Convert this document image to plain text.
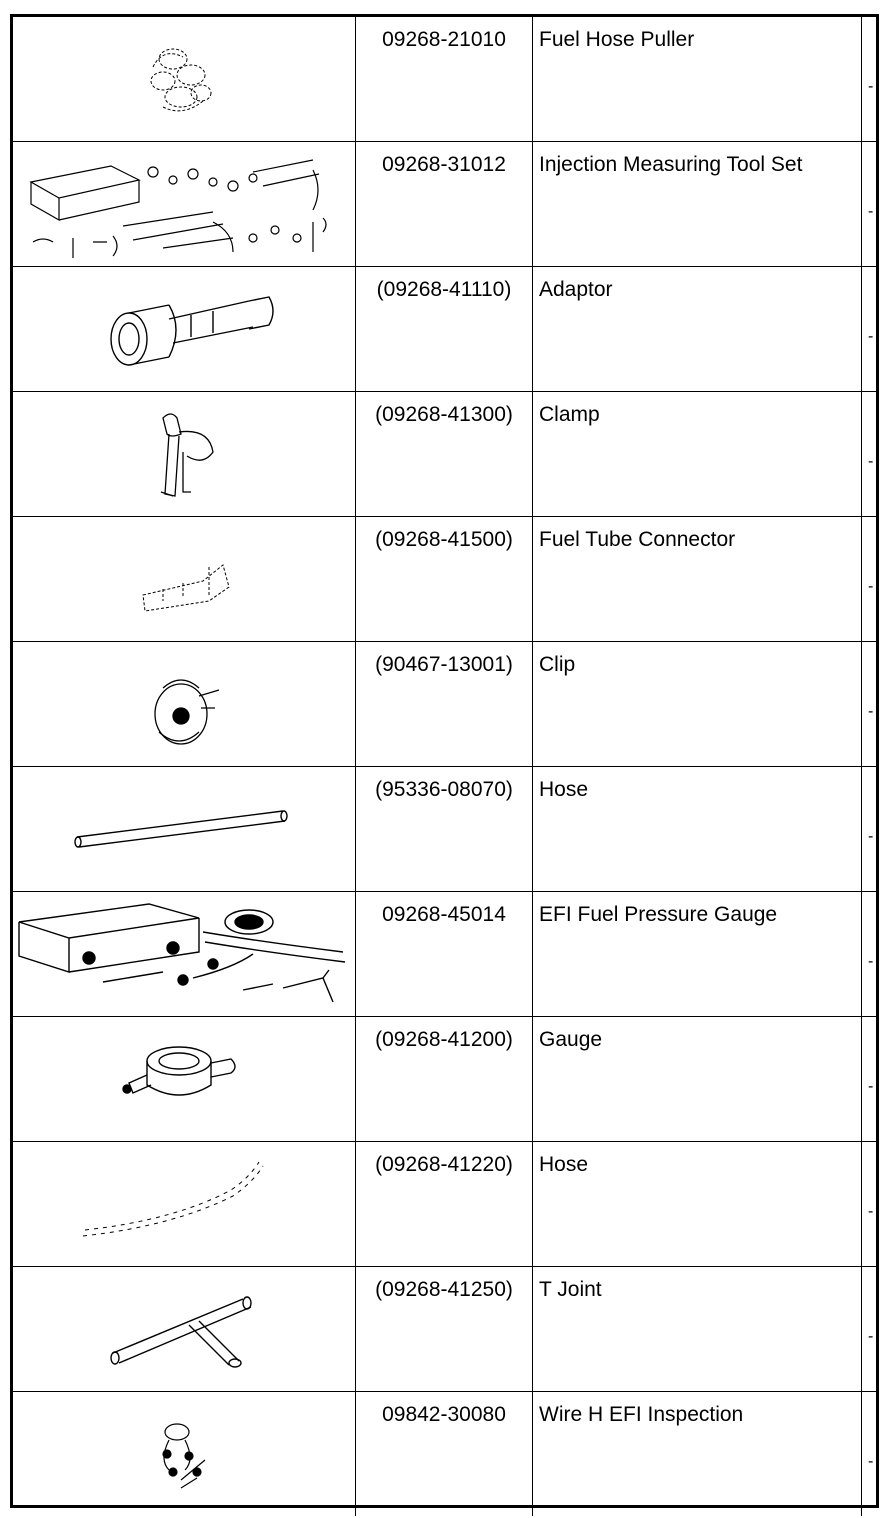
09268-21010	Fuel Hose Puller	-

09268-31012	Injection Measuring Tool Set	-

(09268-41110)	Adaptor	-

(09268-41300)	Clamp	-

(09268-41500)	Fuel Tube Connector	-

(90467-13001)	Clip	-

(95336-08070)	Hose	-

09268-45014	EFI Fuel Pressure Gauge	-

(09268-41200)	Gauge	-

(09268-41220)	Hose	-

(09268-41250)	T Joint	-

09842-30080	Wire H EFI Inspection	-
